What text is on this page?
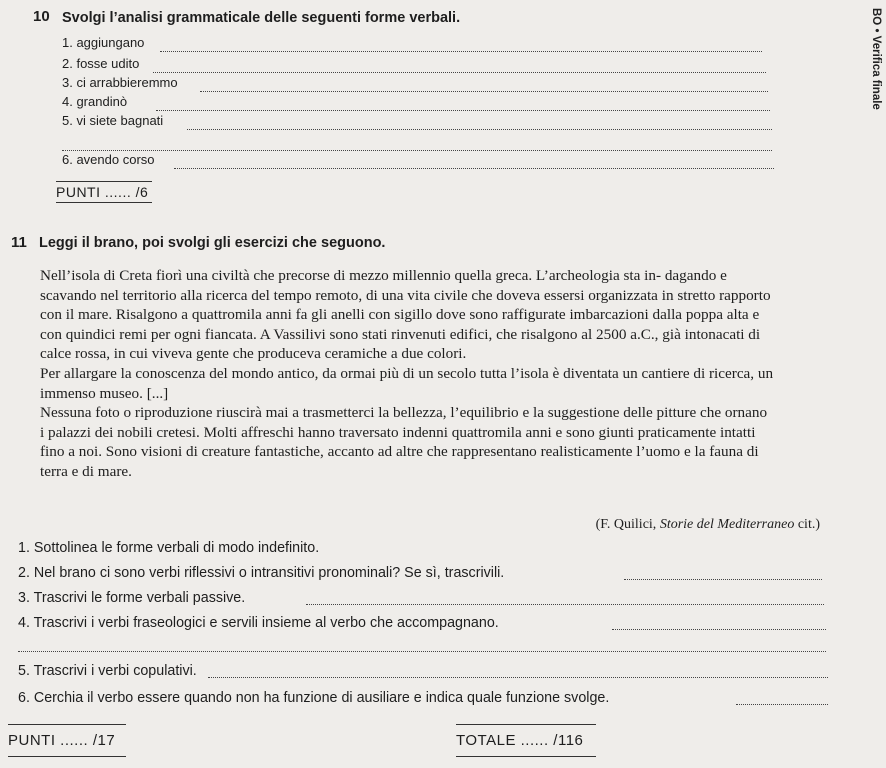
BO • Verifica finale
10 Svolgi l’analisi grammaticale delle seguenti forme verbali.
1. aggiungano
2. fosse udito
3. ci arrabbieremmo
4. grandinò
5. vi siete bagnati
6. avendo corso
PUNTI ...... /6
11 Leggi il brano, poi svolgi gli esercizi che seguono.

Nell’isola di Creta fiorì una civiltà che precorse di mezzo millennio quella greca. L’archeologia sta in- dagando e scavando nel territorio alla ricerca del tempo remoto, di una vita civile che doveva essersi organizzata in stretto rapporto con il mare. Risalgono a quattromila anni fa gli anelli con sigillo dove sono raffigurate imbarcazioni dalla poppa alta e con quindici remi per ogni fiancata. A Vassilivi sono stati rinvenuti edifici, che risalgono al 2500 a.C., già intonacati di calce rossa, in cui viveva gente che produceva ceramiche a due colori.

Per allargare la conoscenza del mondo antico, da ormai più di un secolo tutta l’isola è diventata un cantiere di ricerca, un immenso museo. [...]

Nessuna foto o riproduzione riuscirà mai a trasmetterci la bellezza, l’equilibrio e la suggestione delle pitture che ornano i palazzi dei nobili cretesi. Molti affreschi hanno traversato indenni quattromila anni e sono giunti praticamente intatti fino a noi. Sono visioni di creature fantastiche, accanto ad altre che rappresentano realisticamente l’uomo e la fauna di terra e di mare.

(F. Quilici, Storie del Mediterraneo cit.)
1. Sottolinea le forme verbali di modo indefinito.
2. Nel brano ci sono verbi riflessivi o intransitivi pronominali? Se sì, trascrivili.
3. Trascrivi le forme verbali passive.
4. Trascrivi i verbi fraseologici e servili insieme al verbo che accompagnano.
5. Trascrivi i verbi copulativi.
6. Cerchia il verbo essere quando non ha funzione di ausiliare e indica quale funzione svolge.
PUNTI ...... /17	TOTALE ...... /116
